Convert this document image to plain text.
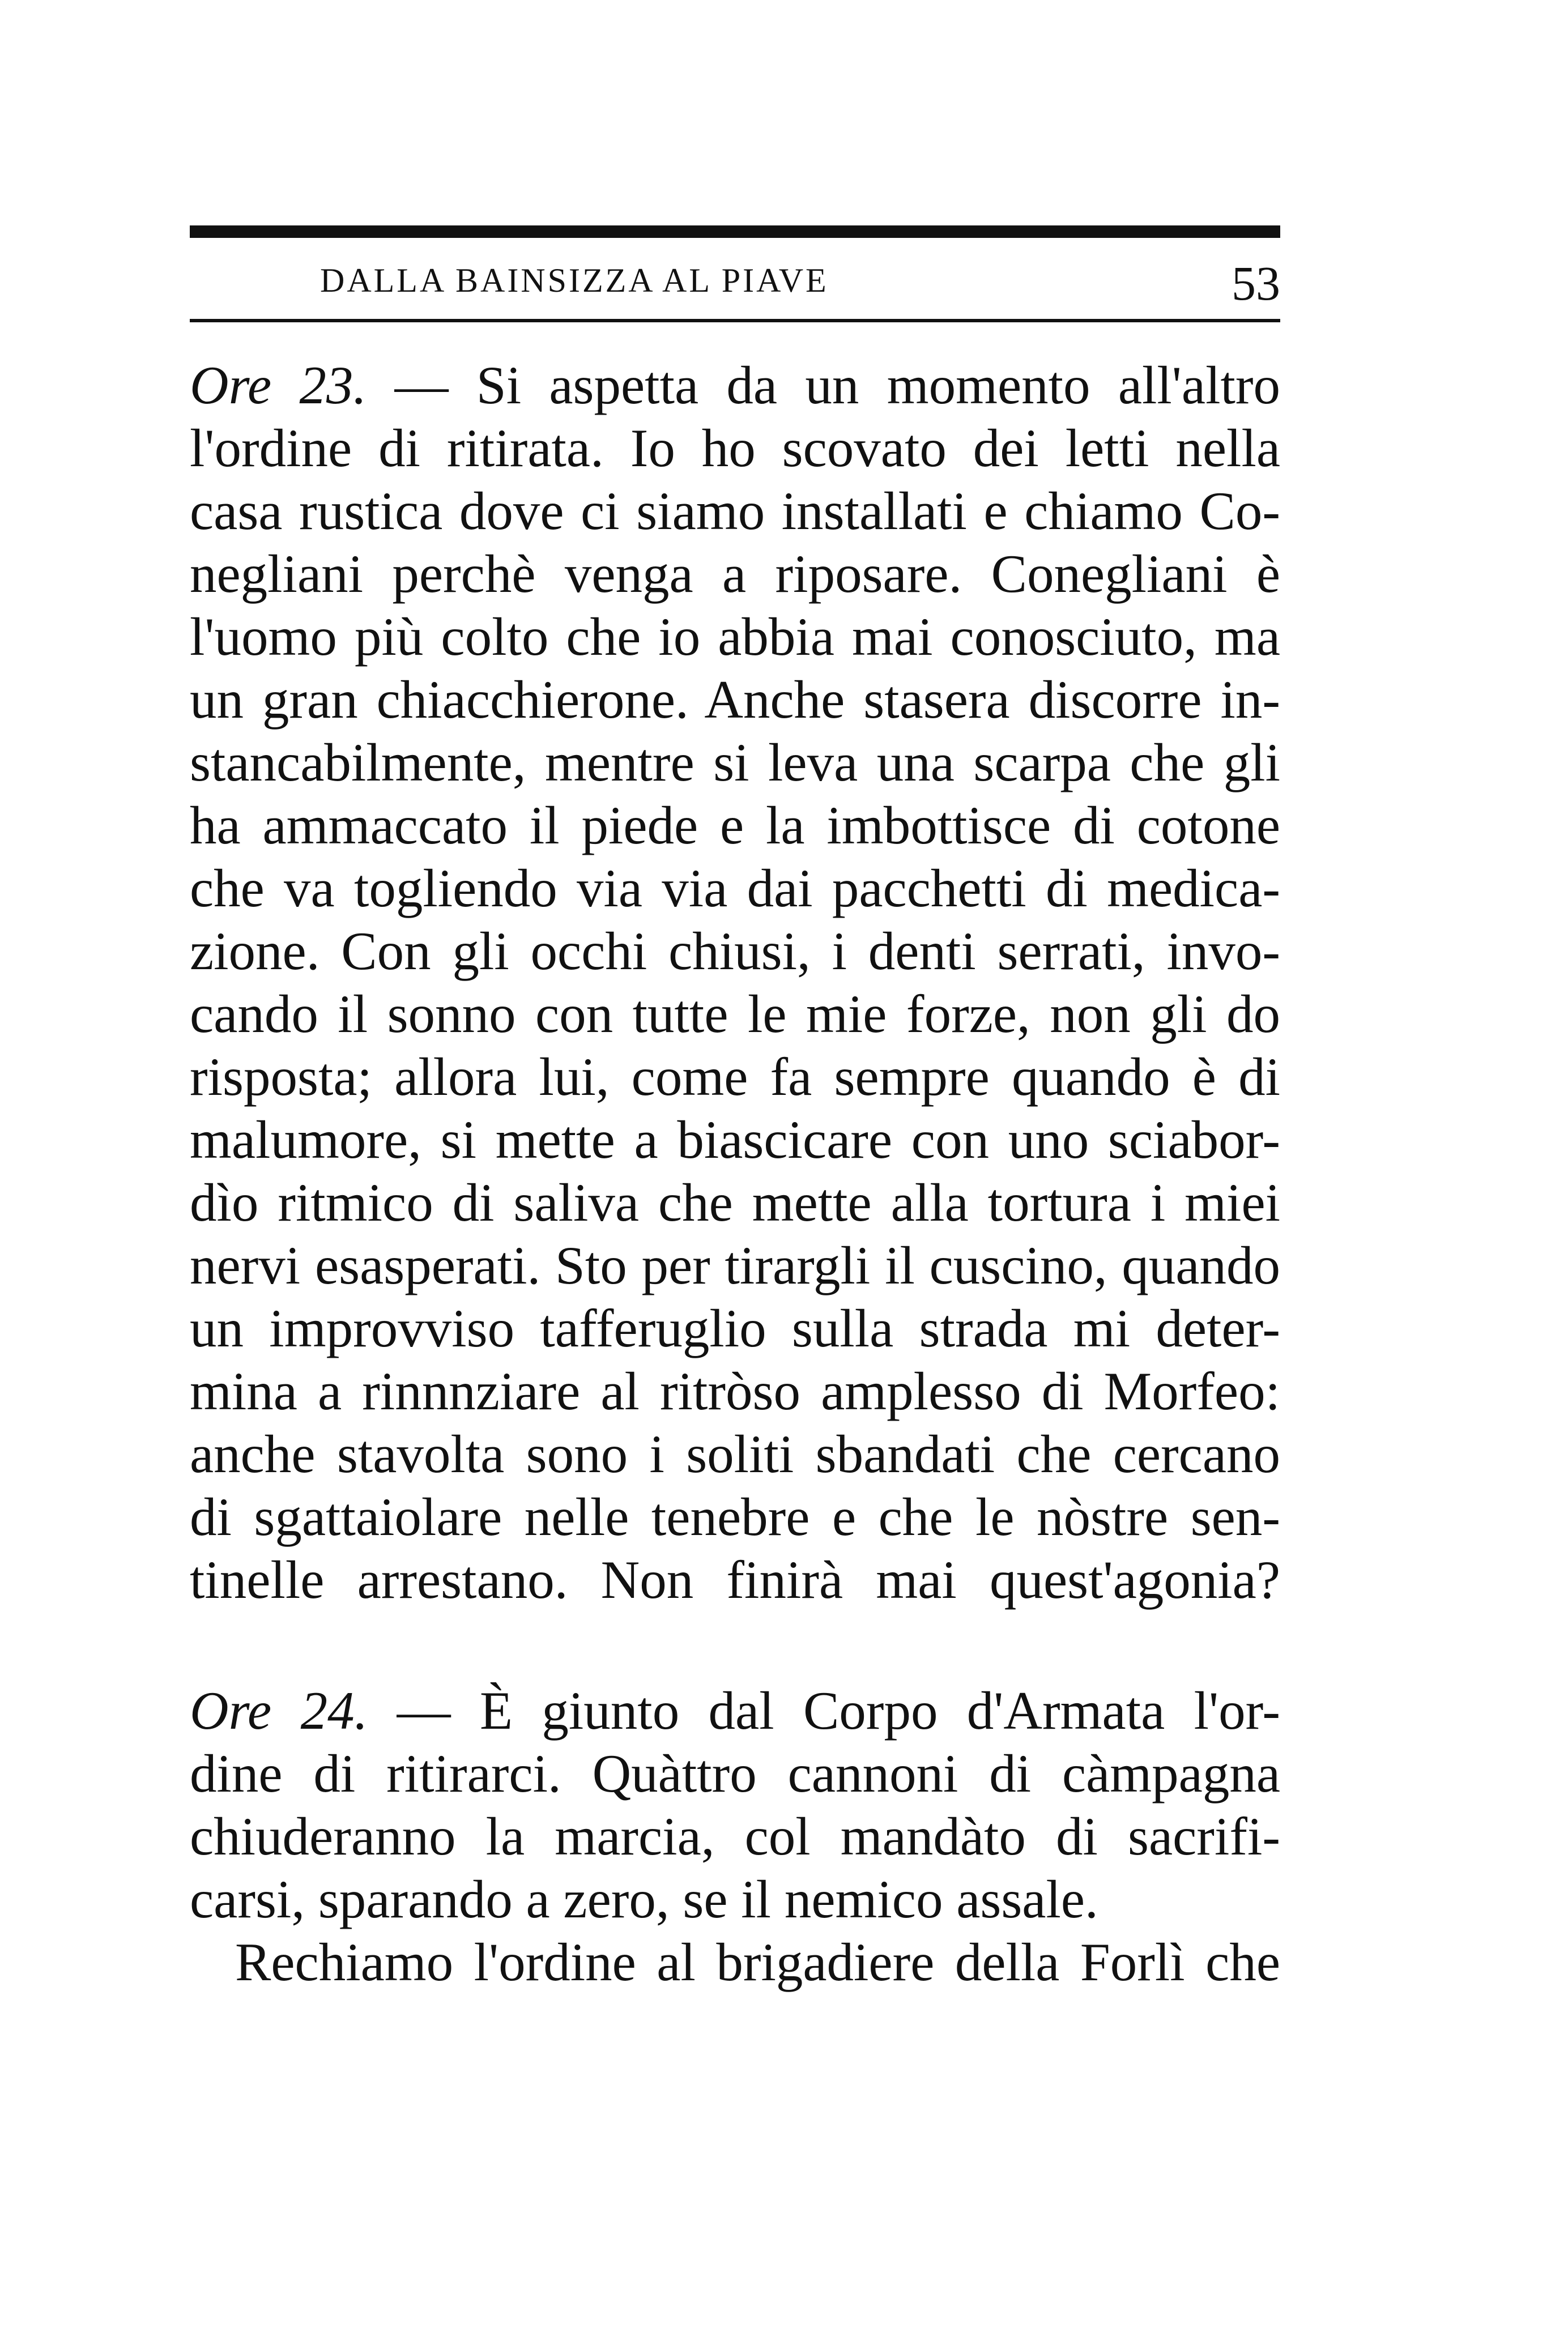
DALLA BAINSIZZA AL PIAVE	53
Ore 23. — Si aspetta da un momento all'altro
l'ordine di ritirata. Io ho scovato dei letti nella
casa rustica dove ci siamo installati e chiamo Co-
negliani perchè venga a riposare. Conegliani è
l'uomo più colto che io abbia mai conosciuto, ma
un gran chiacchierone. Anche stasera discorre in-
stancabilmente, mentre si leva una scarpa che gli
ha ammaccato il piede e la imbottisce di cotone
che va togliendo via via dai pacchetti di medica-
zione. Con gli occhi chiusi, i denti serrati, invo-
cando il sonno con tutte le mie forze, non gli do
risposta; allora lui, come fa sempre quando è di
malumore, si mette a biascicare con uno sciabor-
dìo ritmico di saliva che mette alla tortura i miei
nervi esasperati. Sto per tirargli il cuscino, quando
un improvviso tafferuglio sulla strada mi deter-
mina a rinnnziare al ritròso amplesso di Morfeo:
anche stavolta sono i soliti sbandati che cercano
di sgattaiolare nelle tenebre e che le nòstre sen-
tinelle arrestano. Non finirà mai quest'agonia?
Ore 24. — È giunto dal Corpo d'Armata l'or-
dine di ritirarci. Quàttro cannoni di càmpagna
chiuderanno la marcia, col mandàto di sacrifi-
carsi, sparando a zero, se il nemico assale.
Rechiamo l'ordine al brigadiere della Forlì che
